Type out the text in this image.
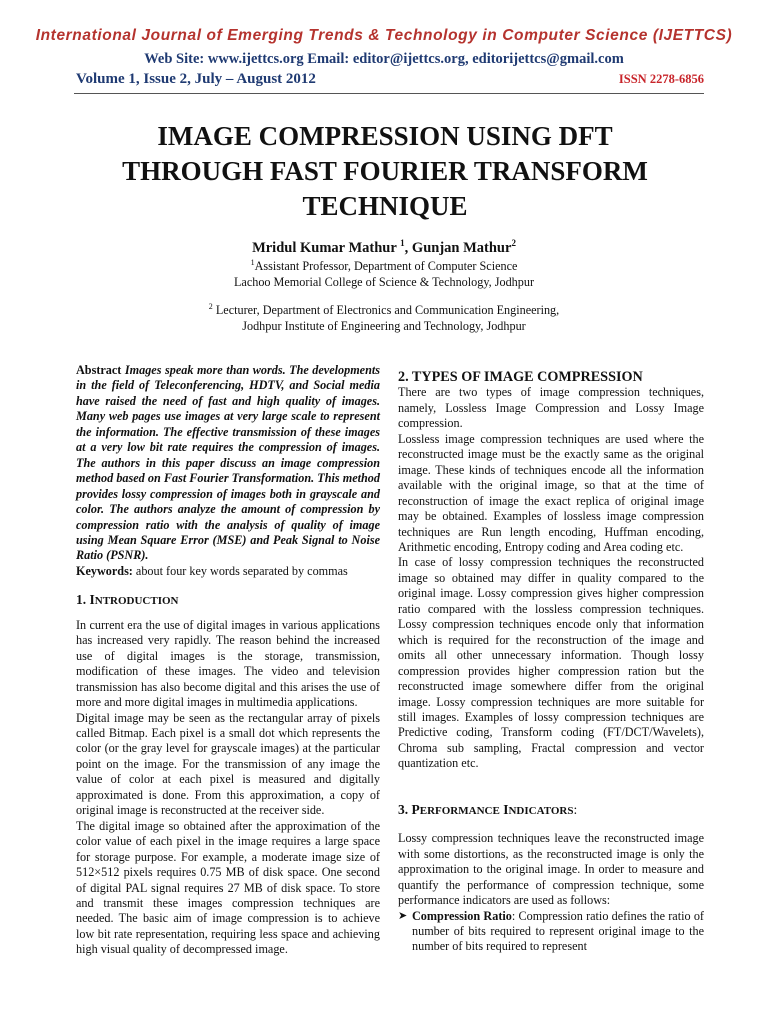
International Journal of Emerging Trends & Technology in Computer Science (IJETTCS)
Web Site: www.ijettcs.org Email: editor@ijettcs.org, editorijettcs@gmail.com
Volume 1, Issue 2, July – August 2012	ISSN 2278-6856
IMAGE COMPRESSION USING DFT
THROUGH FAST FOURIER TRANSFORM
TECHNIQUE
Mridul Kumar Mathur $^1$, Gunjan Mathur$^2$
$^1$Assistant Professor, Department of Computer Science
Lachoo Memorial College of Science & Technology, Jodhpur
$^2$ Lecturer, Department of Electronics and Communication Engineering,
Jodhpur Institute of Engineering and Technology, Jodhpur

Abstract Images speak more than words. The developments in the field of Teleconferencing, HDTV, and Social media have raised the need of fast and high quality of images. Many web pages use images at very large scale to represent the information. The effective transmission of these images at a very low bit rate requires the compression of images. The authors in this paper discuss an image compression method based on Fast Fourier Transformation. This method provides lossy compression of images both in grayscale and color. The authors analyze the amount of compression by compression ratio with the analysis of quality of image using Mean Square Error (MSE) and Peak Signal to Noise Ratio (PSNR).

Keywords: about four key words separated by commas

1. INTRODUCTION

In current era the use of digital images in various applications has increased very rapidly. The reason behind the increased use of digital images is the storage, transmission, modification of these images. The video and television transmission has also become digital and this arises the use of more and more digital images in multimedia applications.

Digital image may be seen as the rectangular array of pixels called Bitmap. Each pixel is a small dot which represents the color (or the gray level for grayscale images) at the particular point on the image. For the transmission of any image the value of color at each pixel is measured and digitally approximated is done. From this approximation, a copy of original image is reconstructed at the receiver side.

The digital image so obtained after the approximation of the color value of each pixel in the image requires a large space for storage purpose. For example, a moderate image size of 512×512 pixels requires 0.75 MB of disk space. One second of digital PAL signal requires 27 MB of disk space. To store and transmit these images compression techniques are needed. The basic aim of image compression is to achieve low bit rate representation, requiring less space and achieving high visual quality of decompressed image.

2. TYPES OF IMAGE COMPRESSION

There are two types of image compression techniques, namely, Lossless Image Compression and Lossy Image compression.

Lossless image compression techniques are used where the reconstructed image must be the exactly same as the original image. These kinds of techniques encode all the information available with the original image, so that at the time of reconstruction of image the exact replica of original image may be obtained. Examples of lossless image compression techniques are Run length encoding, Huffman encoding, Arithmetic encoding, Entropy coding and Area coding etc.

In case of lossy compression techniques the reconstructed image so obtained may differ in quality compared to the original image. Lossy compression gives higher compression ratio compared with the lossless compression techniques. Lossy compression techniques encode only that information which is required for the reconstruction of the image and omits all other unnecessary information. Though lossy compression provides higher compression ration but the reconstructed image somewhere differ from the original image. Lossy compression techniques are more suitable for still images. Examples of lossy compression techniques are Predictive coding, Transform coding (FT/DCT/Wavelets), Chroma sub sampling, Fractal compression and vector quantization etc.

3. PERFORMANCE INDICATORS:

Lossy compression techniques leave the reconstructed image with some distortions, as the reconstructed image is only the approximation to the original image. In order to measure and quantify the performance of compression technique, some performance indicators are used as follows:

➤ Compression Ratio: Compression ratio defines the ratio of number of bits required to represent original image to the number of bits required to represent
